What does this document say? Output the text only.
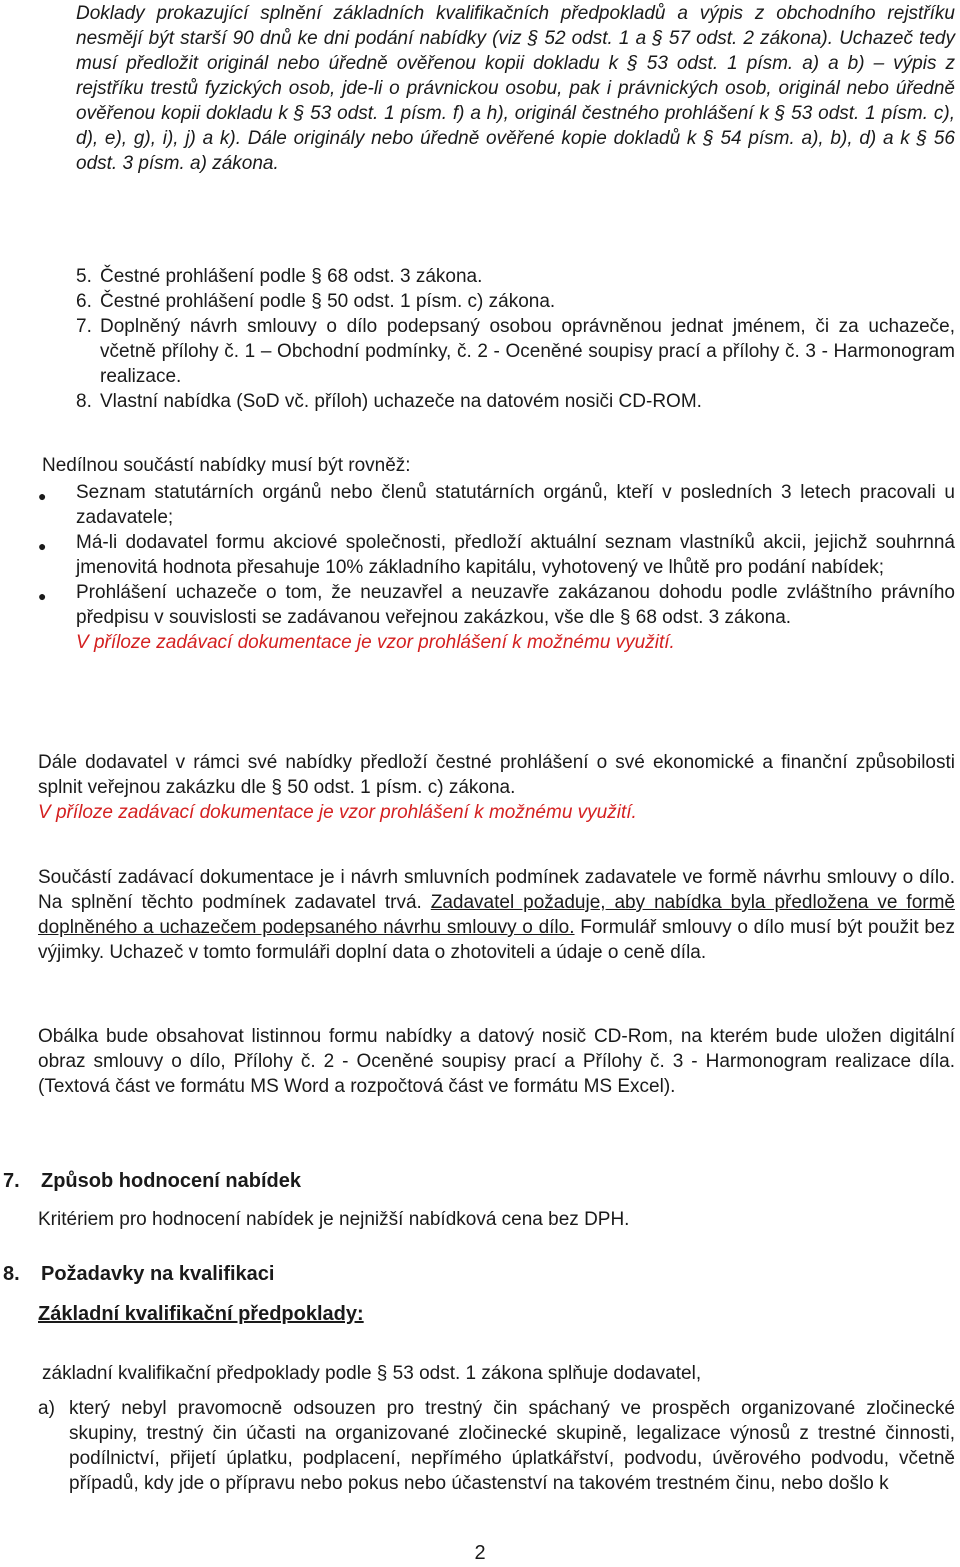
Doklady prokazující splnění základních kvalifikačních předpokladů a výpis z obchodního rejstříku nesmějí být starší 90 dnů ke dni podání nabídky (viz § 52 odst. 1 a § 57 odst. 2 zákona). Uchazeč tedy musí předložit originál nebo úředně ověřenou kopii dokladu k § 53 odst. 1 písm. a) a b) – výpis z rejstříku trestů fyzických osob, jde-li o právnickou osobu, pak i právnických osob, originál nebo úředně ověřenou kopii dokladu k § 53 odst. 1 písm. f) a h), originál čestného prohlášení k § 53 odst. 1 písm. c), d), e), g), i), j) a k). Dále originály nebo úředně ověřené kopie dokladů k § 54 písm. a), b), d) a k § 56 odst. 3 písm. a) zákona.

5. Čestné prohlášení podle § 68 odst. 3 zákona.
6. Čestné prohlášení podle § 50 odst. 1 písm. c) zákona.
7. Doplněný návrh smlouvy o dílo podepsaný osobou oprávněnou jednat jménem, či za uchazeče, včetně přílohy č. 1 – Obchodní podmínky, č. 2 - Oceněné soupisy prací a přílohy č. 3 - Harmonogram realizace.
8. Vlastní nabídka (SoD vč. příloh) uchazeče na datovém nosiči CD-ROM.

Nedílnou součástí nabídky musí být rovněž:

●	Seznam statutárních orgánů nebo členů statutárních orgánů, kteří v posledních 3 letech pracovali u zadavatele;
●	Má-li dodavatel formu akciové společnosti, předloží aktuální seznam vlastníků akcii, jejichž souhrnná jmenovitá hodnota přesahuje 10% základního kapitálu, vyhotovený ve lhůtě pro podání nabídek;
●	Prohlášení uchazeče o tom, že neuzavřel a neuzavře zakázanou dohodu podle zvláštního právního předpisu v souvislosti se zadávanou veřejnou zakázkou, vše dle § 68 odst. 3 zákona.

V příloze zadávací dokumentace je vzor prohlášení k možnému využití.

Dále dodavatel v rámci své nabídky předloží čestné prohlášení o své ekonomické a finanční způsobilosti splnit veřejnou zakázku dle § 50 odst. 1 písm. c) zákona.

V příloze zadávací dokumentace je vzor prohlášení k možnému využití.

Součástí zadávací dokumentace je i návrh smluvních podmínek zadavatele ve formě návrhu smlouvy o dílo. Na splnění těchto podmínek zadavatel trvá. Zadavatel požaduje, aby nabídka byla předložena ve formě doplněného a uchazečem podepsaného návrhu smlouvy o dílo. Formulář smlouvy o dílo musí být použit bez výjimky. Uchazeč v tomto formuláři doplní data o zhotoviteli a údaje o ceně díla.

Obálka bude obsahovat listinnou formu nabídky a datový nosič CD-Rom, na kterém bude uložen digitální obraz smlouvy o dílo, Přílohy č. 2 - Oceněné soupisy prací a Přílohy č. 3 - Harmonogram realizace díla. (Textová část ve formátu MS Word a rozpočtová část ve formátu MS Excel).

7.	Způsob hodnocení nabídek

Kritériem pro hodnocení nabídek je nejnižší nabídková cena bez DPH.

8.	Požadavky na kvalifikaci

Základní kvalifikační předpoklady:

základní kvalifikační předpoklady podle § 53 odst. 1 zákona splňuje dodavatel,

a) který nebyl pravomocně odsouzen pro trestný čin spáchaný ve prospěch organizované zločinecké skupiny, trestný čin účasti na organizované zločinecké skupině, legalizace výnosů z trestné činnosti, podílnictví, přijetí úplatku, podplacení, nepřímého úplatkářství, podvodu, úvěrového podvodu, včetně případů, kdy jde o přípravu nebo pokus nebo účastenství na takovém trestném činu, nebo došlo k
2
